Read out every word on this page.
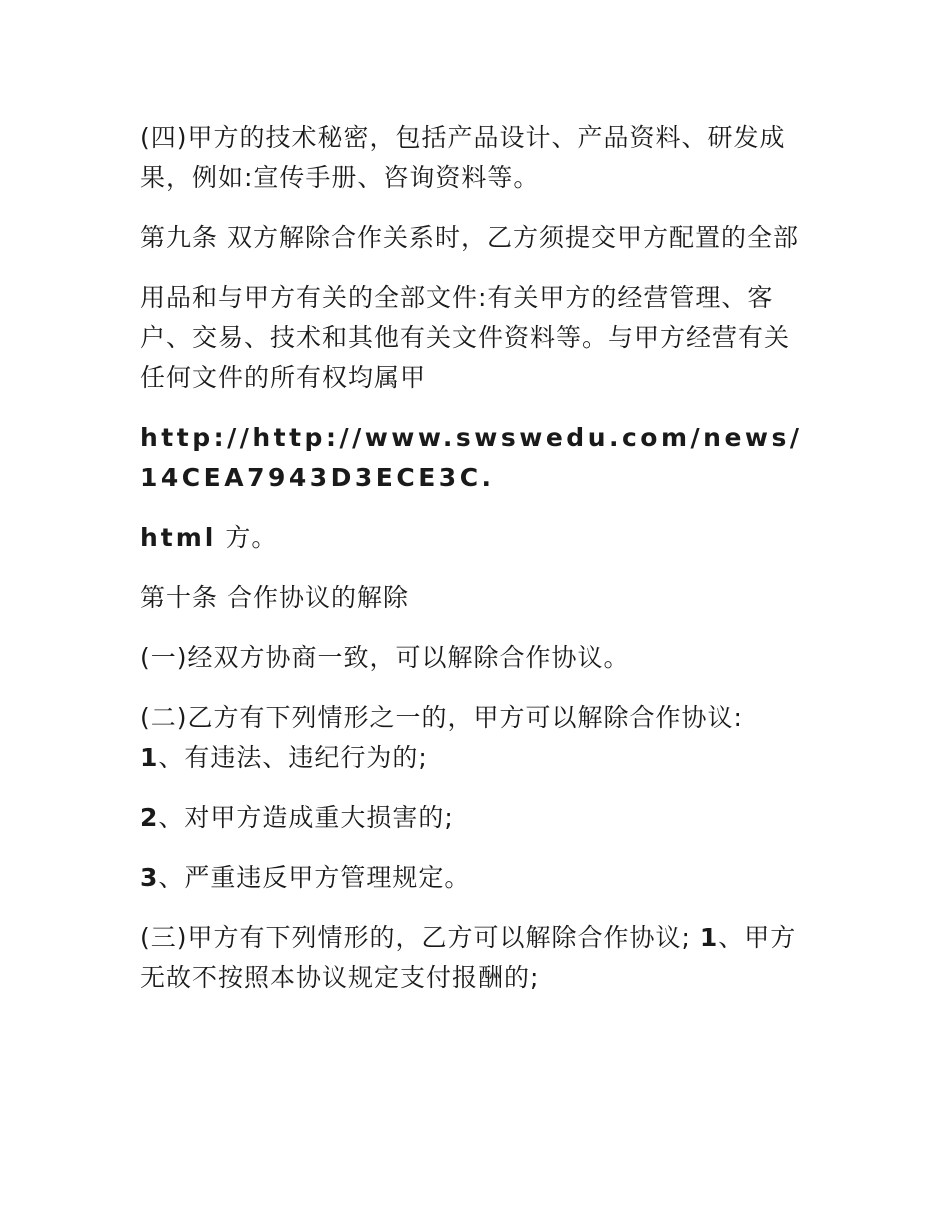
(四)甲方的技术秘密，包括产品设计、产品资料、研发成果，例如:宣传手册、咨询资料等。

第九条 双方解除合作关系时，乙方须提交甲方配置的全部

用品和与甲方有关的全部文件:有关甲方的经营管理、客户、交易、技术和其他有关文件资料等。与甲方经营有关任何文件的所有权均属甲

http://http://www.swswedu.com/news/
14CEA7943D3ECE3C.

html 方。

第十条 合作协议的解除

(一)经双方协商一致，可以解除合作协议。

(二)乙方有下列情形之一的，甲方可以解除合作协议:

1、有违法、违纪行为的;

2、对甲方造成重大损害的;

3、严重违反甲方管理规定。

(三)甲方有下列情形的，乙方可以解除合作协议; 1、甲方无故不按照本协议规定支付报酬的;
